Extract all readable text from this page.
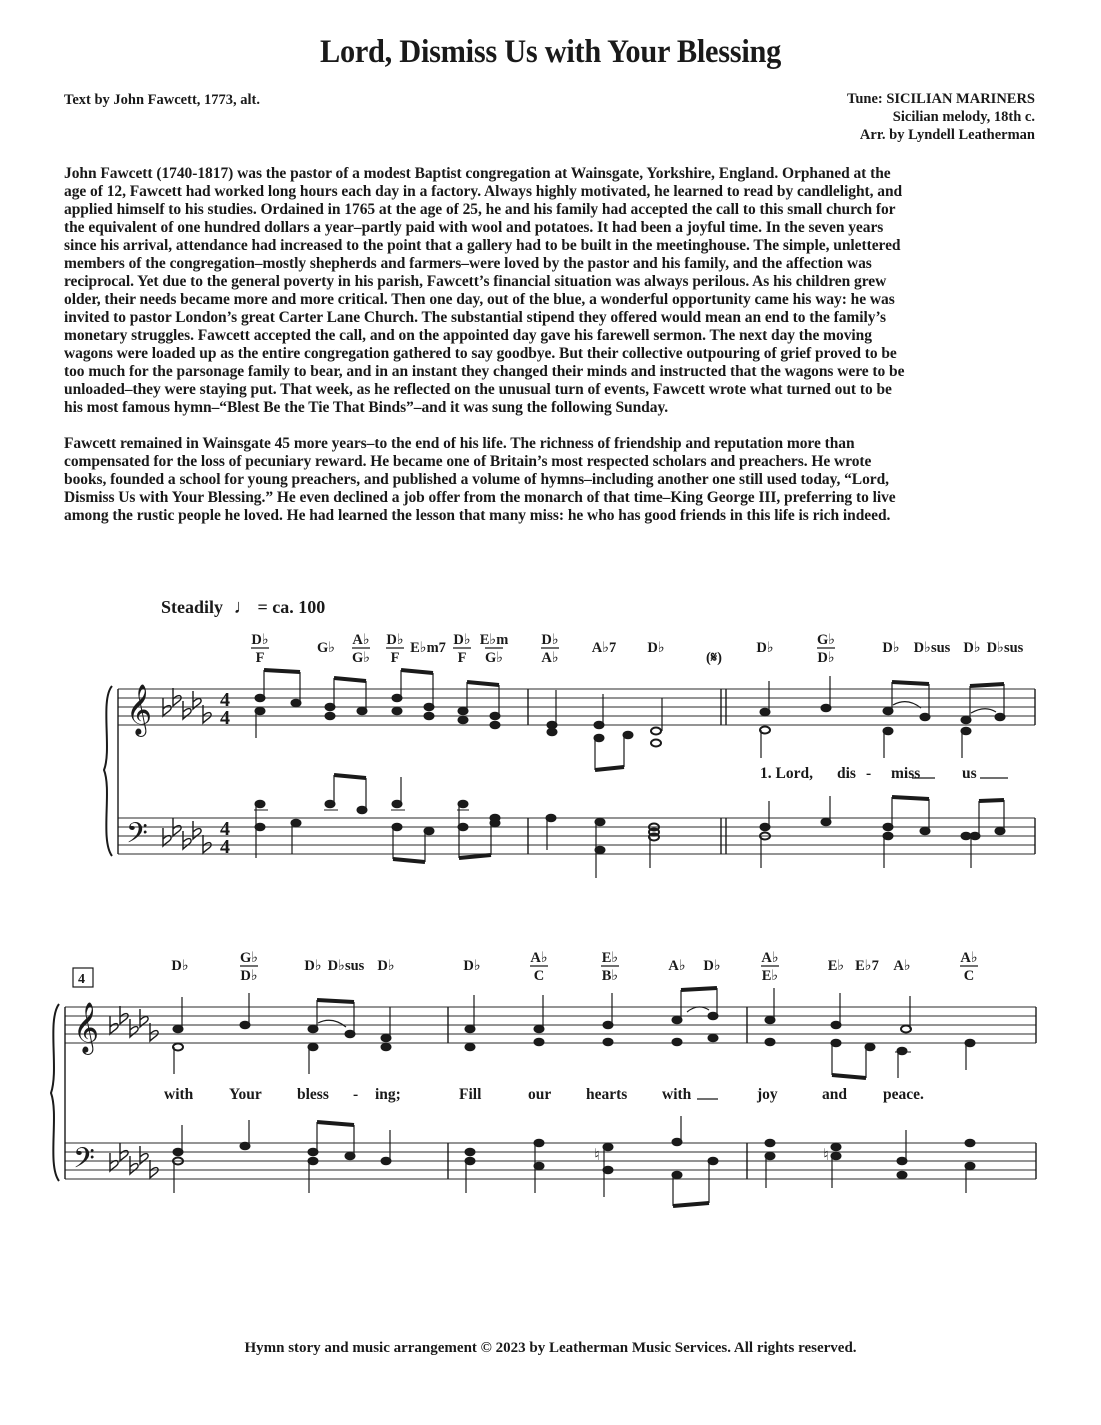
Lord, Dismiss Us with Your Blessing
Text by John Fawcett, 1773, alt.	Tune: SICILIAN MARINERS
Sicilian melody, 18th c.
Arr. by Lyndell Leatherman
John Fawcett (1740-1817) was the pastor of a modest Baptist congregation at Wainsgate, Yorkshire, England. Orphaned at the
age of 12, Fawcett had worked long hours each day in a factory. Always highly motivated, he learned to read by candlelight, and
applied himself to his studies. Ordained in 1765 at the age of 25, he and his family had accepted the call to this small church for
the equivalent of one hundred dollars a year–partly paid with wool and potatoes. It had been a joyful time. In the seven years
since his arrival, attendance had increased to the point that a gallery had to be built in the meetinghouse. The simple, unlettered
members of the congregation–mostly shepherds and farmers–were loved by the pastor and his family, and the affection was
reciprocal. Yet due to the general poverty in his parish, Fawcett’s financial situation was always perilous. As his children grew
older, their needs became more and more critical. Then one day, out of the blue, a wonderful opportunity came his way: he was
invited to pastor London’s great Carter Lane Church. The substantial stipend they offered would mean an end to the family’s
monetary struggles. Fawcett accepted the call, and on the appointed day gave his farewell sermon. The next day the moving
wagons were loaded up as the entire congregation gathered to say goodbye. But their collective outpouring of grief proved to be
too much for the parsonage family to bear, and in an instant they changed their minds and instructed that the wagons were to be
unloaded–they were staying put. That week, as he reflected on the unusual turn of events, Fawcett wrote what turned out to be
his most famous hymn–“Blest Be the Tie That Binds”–and it was sung the following Sunday.
Fawcett remained in Wainsgate 45 more years–to the end of his life. The richness of friendship and reputation more than
compensated for the loss of pecuniary reward. He became one of Britain’s most respected scholars and preachers. He wrote
books, founded a school for young preachers, and published a volume of hymns–including another one still used today, “Lord,
Dismiss Us with Your Blessing.” He even declined a job offer from the monarch of that time–King George III, preferring to live
among the rustic people he loved. He had learned the lesson that many miss: he who has good friends in this life is rich indeed.
Steadily ♩ = ca. 100
D♭
F
G♭ A♭
G♭
D♭
F
E♭m7 D♭
F
E♭m
G♭
D♭
A♭
A♭7 D♭	D♭	G♭
D♭
D♭ D♭sus D♭ D♭sus
𝄞
𝄢
4
4
4
4
(𝄋)
1. Lord, dis - miss	us
D♭	G♭
D♭
D♭ D♭sus D♭	D♭	A♭
C
E♭
B♭
A♭ D♭	A♭
E♭
E♭ E♭7 A♭	A♭
C
4
𝄞
𝄢	♮	♮
with Your bless - ing;	Fill	our hearts with	joy	and peace.
Hymn story and music arrangement © 2023 by Leatherman Music Services. All rights reserved.
